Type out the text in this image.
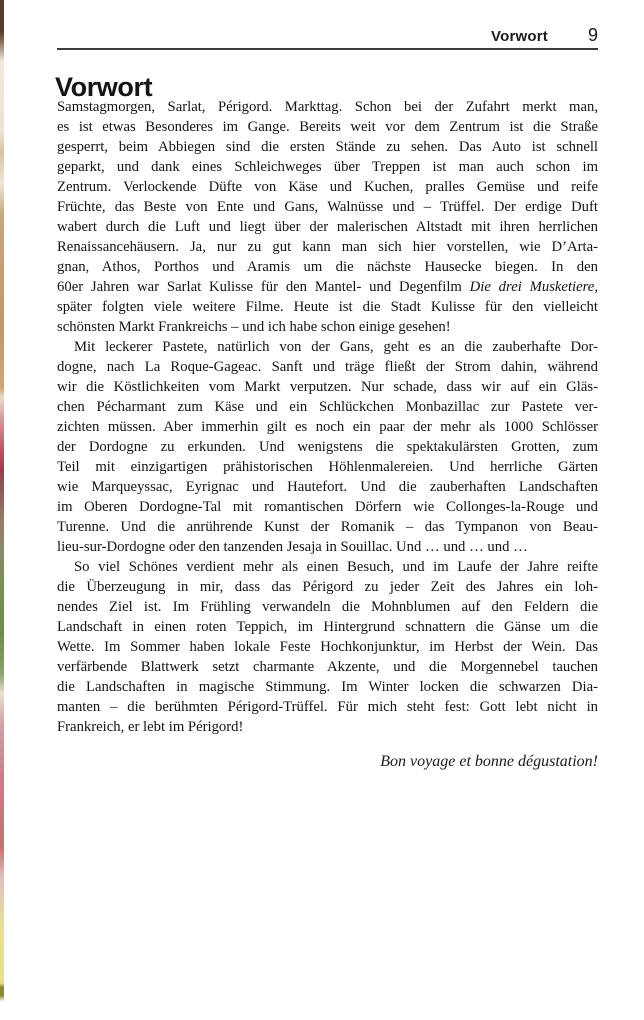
Vorwort 9
Vorwort
Samstagmorgen, Sarlat, Périgord. Markttag. Schon bei der Zufahrt merkt man,
es ist etwas Besonderes im Gange. Bereits weit vor dem Zentrum ist die Straße
gesperrt, beim Abbiegen sind die ersten Stände zu sehen. Das Auto ist schnell
geparkt, und dank eines Schleichweges über Treppen ist man auch schon im
Zentrum. Verlockende Düfte von Käse und Kuchen, pralles Gemüse und reife
Früchte, das Beste von Ente und Gans, Walnüsse und – Trüffel. Der erdige Duft
wabert durch die Luft und liegt über der malerischen Altstadt mit ihren herrlichen
Renaissancehäusern. Ja, nur zu gut kann man sich hier vorstellen, wie D’Arta-
gnan, Athos, Porthos und Aramis um die nächste Hausecke biegen. In den
60er Jahren war Sarlat Kulisse für den Mantel- und Degenfilm Die drei Musketiere,
später folgten viele weitere Filme. Heute ist die Stadt Kulisse für den vielleicht
schönsten Markt Frankreichs – und ich habe schon einige gesehen!
Mit leckerer Pastete, natürlich von der Gans, geht es an die zauberhafte Dor-
dogne, nach La Roque-Gageac. Sanft und träge fließt der Strom dahin, während
wir die Köstlichkeiten vom Markt verputzen. Nur schade, dass wir auf ein Gläs-
chen Pécharmant zum Käse und ein Schlückchen Monbazillac zur Pastete ver-
zichten müssen. Aber immerhin gilt es noch ein paar der mehr als 1000 Schlösser
der Dordogne zu erkunden. Und wenigstens die spektakulärsten Grotten, zum
Teil mit einzigartigen prähistorischen Höhlenmalereien. Und herrliche Gärten
wie Marqueyssac, Eyrignac und Hautefort. Und die zauberhaften Landschaften
im Oberen Dordogne-Tal mit romantischen Dörfern wie Collonges-la-Rouge und
Turenne. Und die anrührende Kunst der Romanik – das Tympanon von Beau-
lieu-sur-Dordogne oder den tanzenden Jesaja in Souillac. Und … und … und …
So viel Schönes verdient mehr als einen Besuch, und im Laufe der Jahre reifte
die Überzeugung in mir, dass das Périgord zu jeder Zeit des Jahres ein loh-
nendes Ziel ist. Im Frühling verwandeln die Mohnblumen auf den Feldern die
Landschaft in einen roten Teppich, im Hintergrund schnattern die Gänse um die
Wette. Im Sommer haben lokale Feste Hochkonjunktur, im Herbst der Wein. Das
verfärbende Blattwerk setzt charmante Akzente, und die Morgennebel tauchen
die Landschaften in magische Stimmung. Im Winter locken die schwarzen Dia-
manten – die berühmten Périgord-Trüffel. Für mich steht fest: Gott lebt nicht in
Frankreich, er lebt im Périgord!
Bon voyage et bonne dégustation!
